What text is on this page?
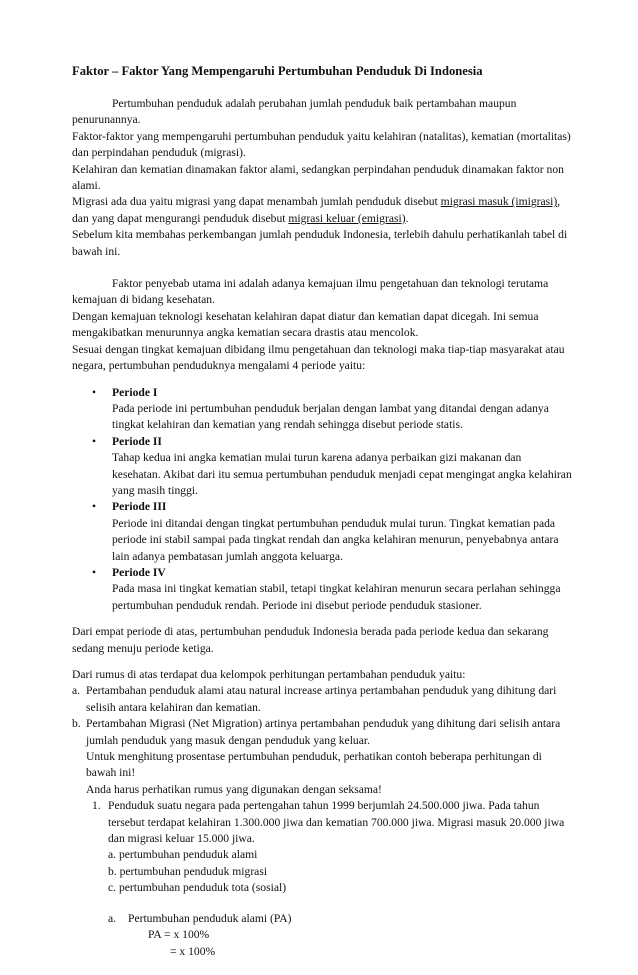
Faktor – Faktor Yang Mempengaruhi Pertumbuhan Penduduk Di Indonesia

Pertumbuhan penduduk adalah perubahan jumlah penduduk baik pertambahan maupun penurunannya.

Faktor-faktor yang mempengaruhi pertumbuhan penduduk yaitu kelahiran (natalitas), kematian (mortalitas) dan perpindahan penduduk (migrasi).

Kelahiran dan kematian dinamakan faktor alami, sedangkan perpindahan penduduk dinamakan faktor non alami.

Migrasi ada dua yaitu migrasi yang dapat menambah jumlah penduduk disebut migrasi masuk (imigrasi), dan yang dapat mengurangi penduduk disebut migrasi keluar (emigrasi).

Sebelum kita membahas perkembangan jumlah penduduk Indonesia, terlebih dahulu perhatikanlah tabel di bawah ini.

Faktor penyebab utama ini adalah adanya kemajuan ilmu pengetahuan dan teknologi terutama kemajuan di bidang kesehatan.

Dengan kemajuan teknologi kesehatan kelahiran dapat diatur dan kematian dapat dicegah. Ini semua mengakibatkan menurunnya angka kematian secara drastis atau mencolok.

Sesuai dengan tingkat kemajuan dibidang ilmu pengetahuan dan teknologi maka tiap-tiap masyarakat atau negara, pertumbuhan penduduknya mengalami 4 periode yaitu:

• Periode I
Pada periode ini pertumbuhan penduduk berjalan dengan lambat yang ditandai dengan adanya tingkat kelahiran dan kematian yang rendah sehingga disebut periode statis.
• Periode II
Tahap kedua ini angka kematian mulai turun karena adanya perbaikan gizi makanan dan kesehatan. Akibat dari itu semua pertumbuhan penduduk menjadi cepat mengingat angka kelahiran yang masih tinggi.
• Periode III
Periode ini ditandai dengan tingkat pertumbuhan penduduk mulai turun. Tingkat kematian pada periode ini stabil sampai pada tingkat rendah dan angka kelahiran menurun, penyebabnya antara lain adanya pembatasan jumlah anggota keluarga.
• Periode IV
Pada masa ini tingkat kematian stabil, tetapi tingkat kelahiran menurun secara perlahan sehingga pertumbuhan penduduk rendah. Periode ini disebut periode penduduk stasioner.

Dari empat periode di atas, pertumbuhan penduduk Indonesia berada pada periode kedua dan sekarang sedang menuju periode ketiga.

Dari rumus di atas terdapat dua kelompok perhitungan pertambahan penduduk yaitu:

a. Pertambahan penduduk alami atau natural increase artinya pertambahan penduduk yang dihitung dari selisih antara kelahiran dan kematian.
b. Pertambahan Migrasi (Net Migration) artinya pertambahan penduduk yang dihitung dari selisih antara jumlah penduduk yang masuk dengan penduduk yang keluar.
Untuk menghitung prosentase pertumbuhan penduduk, perhatikan contoh beberapa perhitungan di bawah ini!
Anda harus perhatikan rumus yang digunakan dengan seksama!
1. Penduduk suatu negara pada pertengahan tahun 1999 berjumlah 24.500.000 jiwa. Pada tahun tersebut terdapat kelahiran 1.300.000 jiwa dan kematian 700.000 jiwa. Migrasi masuk 20.000 jiwa dan migrasi keluar 15.000 jiwa.
a. pertumbuhan penduduk alami
b. pertumbuhan penduduk migrasi
c. pertumbuhan penduduk tota (sosial)
a. Pertumbuhan penduduk alami (PA)
PA = x 100%
= x 100%
